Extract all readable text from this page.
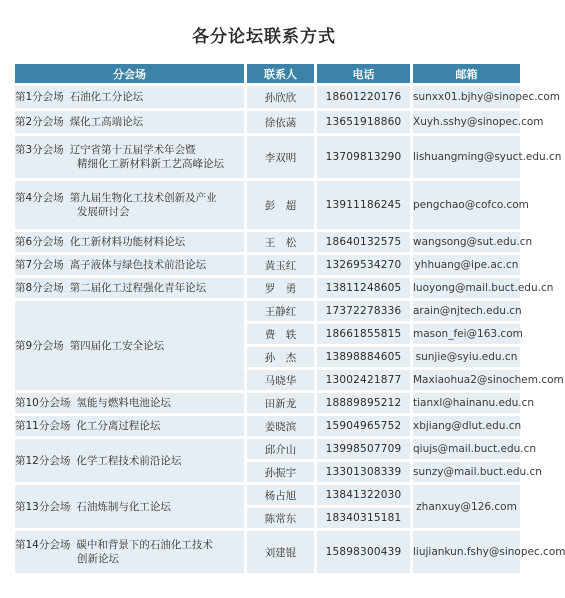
各分论坛联系方式
分会场	联系人	电话	邮箱
第1分会场 石油化工分论坛	孙欣欣	18601220176	sunxx01.bjhy@sinopec.com
第2分会场 煤化工高端论坛	徐依菡	13651918860	Xuyh.sshy@sinopec.com

第3分会场 辽宁省第十五届学术年会暨
精细化工新材料新工艺高峰论坛	李双明	13709813290	lishuangming@syuct.edu.cn

第4分会场 第九届生物化工技术创新及产业
发展研讨会	彭　超	13911186245	pengchao@cofco.com
第6分会场 化工新材料功能材料论坛	王　松	18640132575	wangsong@sut.edu.cn
第7分会场 离子液体与绿色技术前沿论坛	黄玉红	13269534270	yhhuang@ipe.ac.cn
第8分会场 第二届化工过程强化青年论坛	罗　勇	13811248605	luoyong@mail.buct.edu.cn
第9分会场 第四届化工安全论坛	王静红	17372278336	arain@njtech.edu.cn
	费　轶	18661855815	mason_fei@163.com
	孙　杰	13898884605	sunjie@syiu.edu.cn
	马晓华	13002421877	Maxiaohua2@sinochem.com
第10分会场 氢能与燃料电池论坛	田新龙	18889895212	tianxl@hainanu.edu.cn
第11分会场 化工分离过程论坛	姜晓滨	15904965752	xbjiang@dlut.edu.cn
第12分会场 化学工程技术前沿论坛	邱介山	13998507709	qiujs@mail.buct.edu.cn
	孙振宇	13301308339	sunzy@mail.buct.edu.cn
第13分会场 石油炼制与化工论坛	杨占旭	13841322030	zhanxuy@126.com
	陈常东	18340315181	

第14分会场 碳中和背景下的石油化工技术
创新论坛	刘建锟	15898300439	liujiankun.fshy@sinopec.com
